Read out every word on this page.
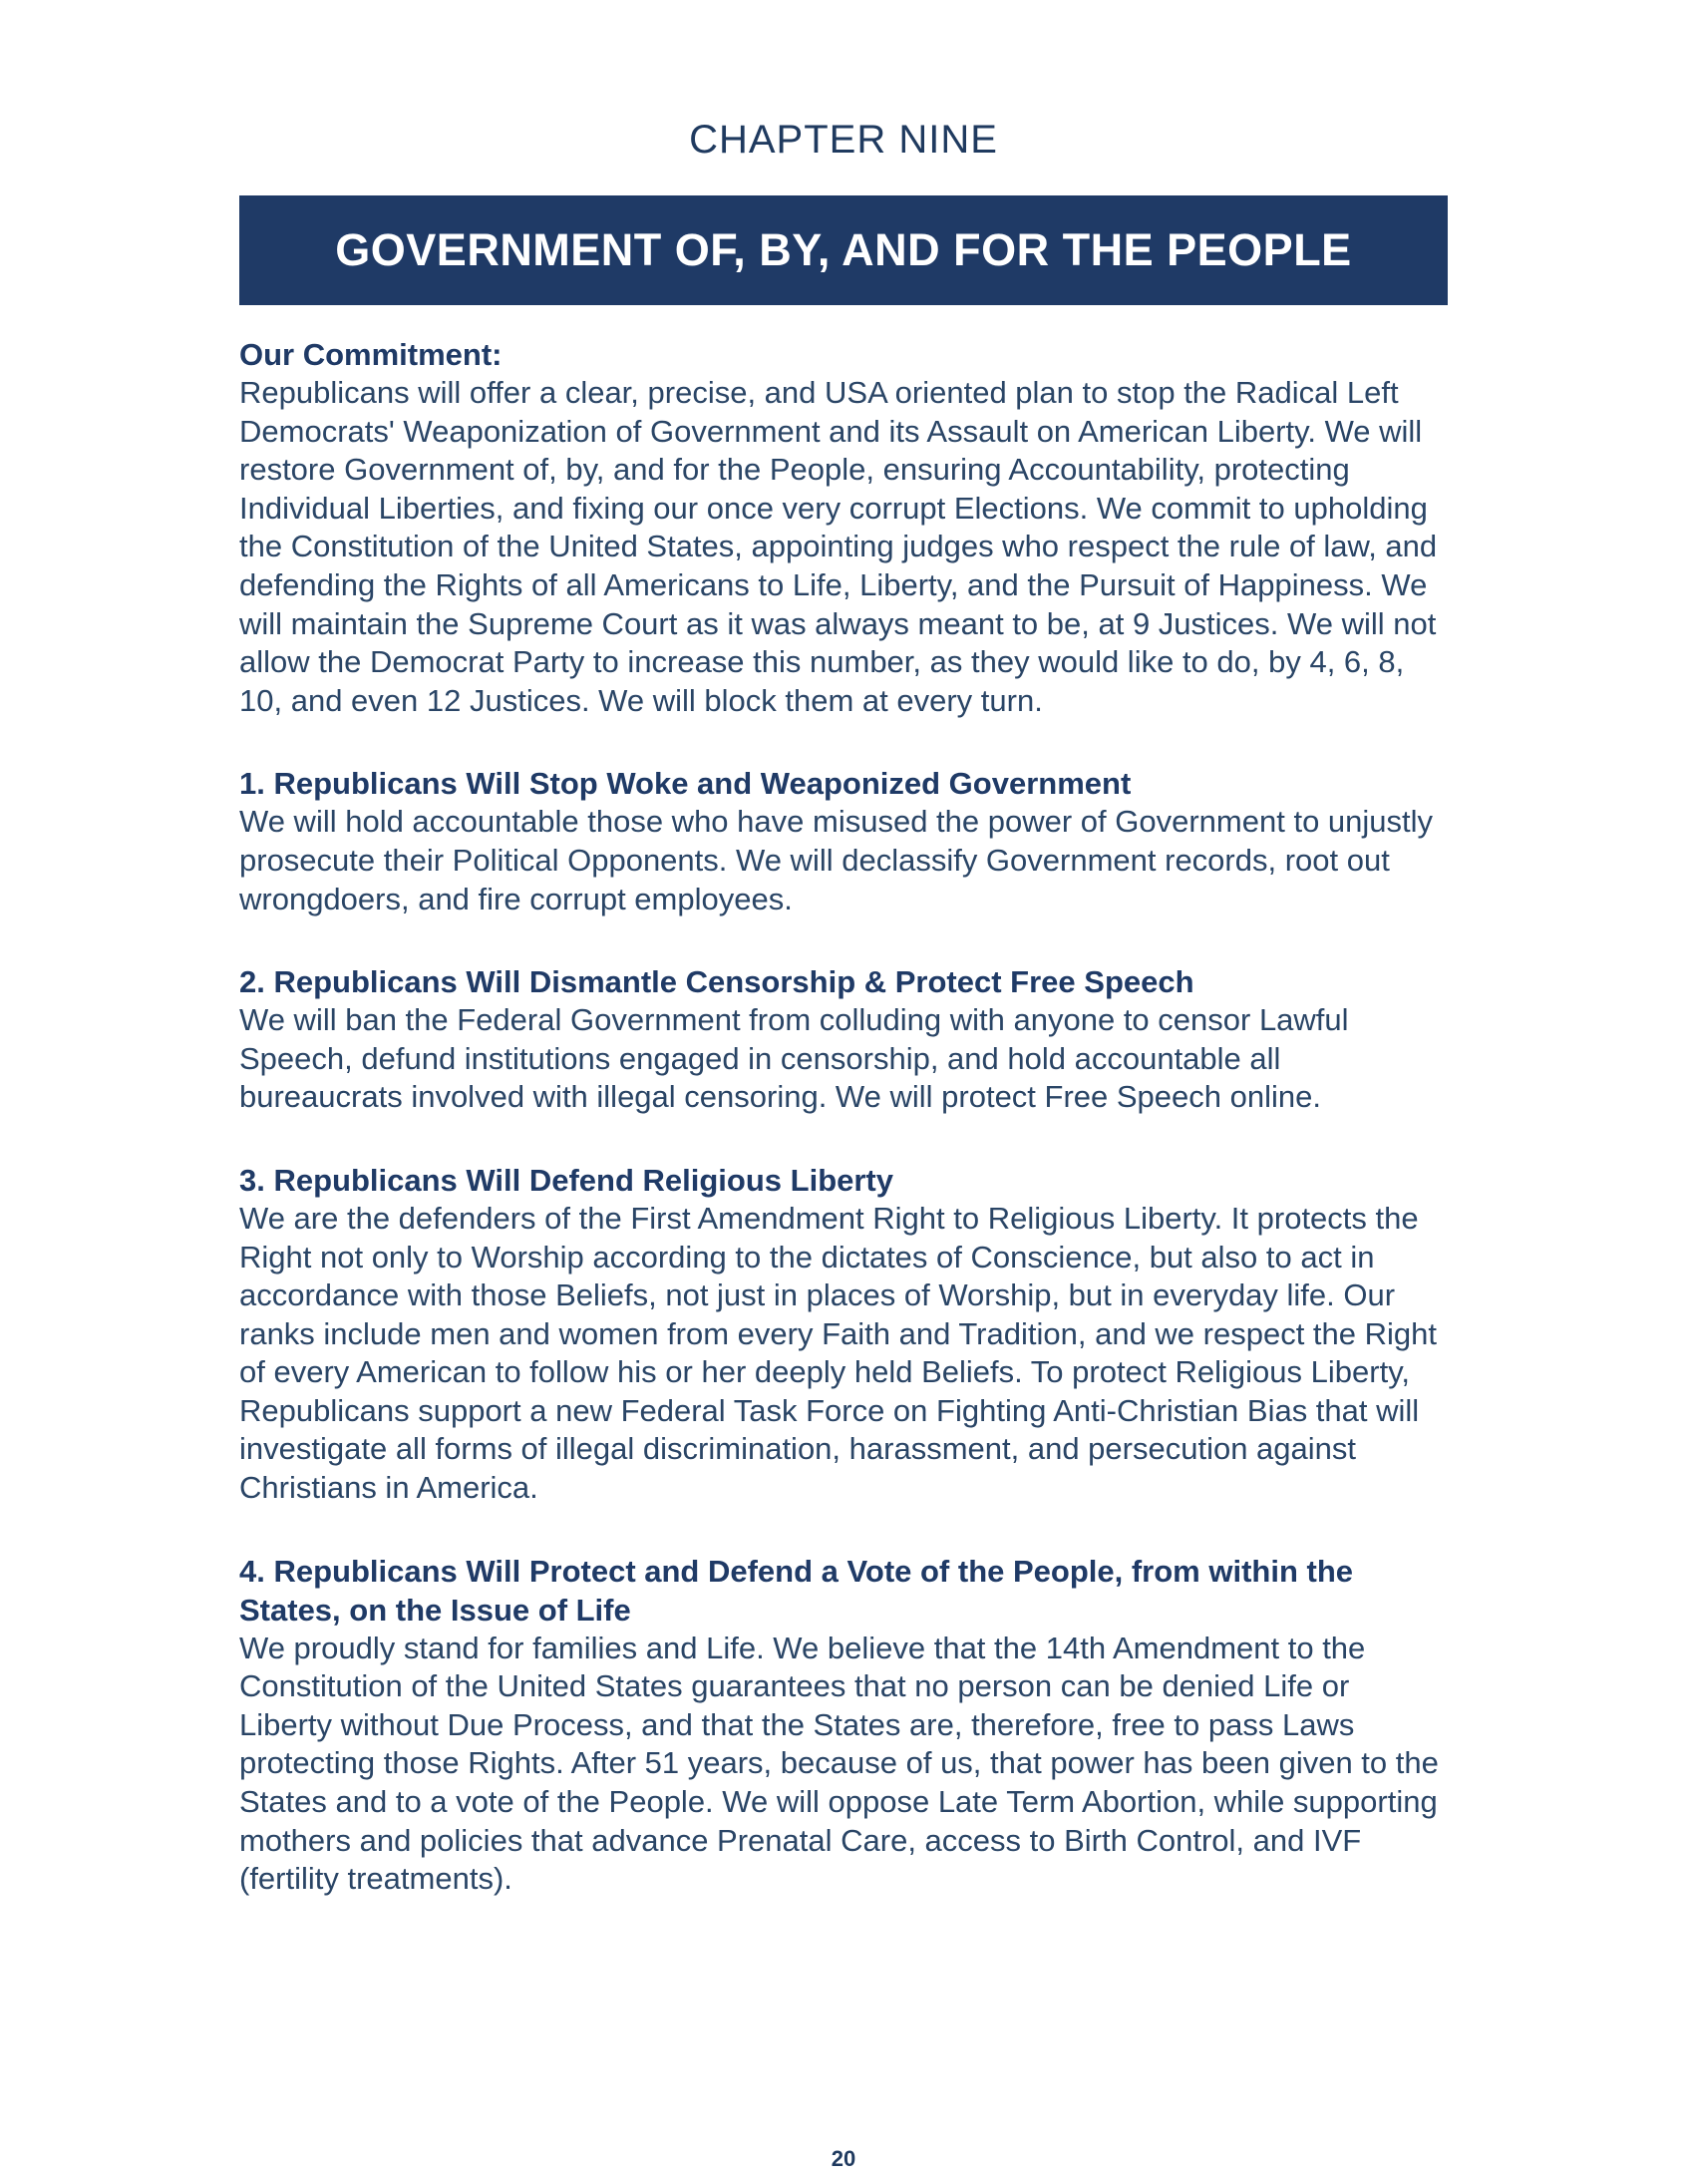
CHAPTER NINE
GOVERNMENT OF, BY, AND FOR THE PEOPLE

Our Commitment:

Republicans will offer a clear, precise, and USA oriented plan to stop the Radical Left Democrats' Weaponization of Government and its Assault on American Liberty. We will restore Government of, by, and for the People, ensuring Accountability, protecting Individual Liberties, and fixing our once very corrupt Elections. We commit to upholding the Constitution of the United States, appointing judges who respect the rule of law, and defending the Rights of all Americans to Life, Liberty, and the Pursuit of Happiness. We will maintain the Supreme Court as it was always meant to be, at 9 Justices. We will not allow the Democrat Party to increase this number, as they would like to do, by 4, 6, 8, 10, and even 12 Justices. We will block them at every turn.

1. Republicans Will Stop Woke and Weaponized Government

We will hold accountable those who have misused the power of Government to unjustly prosecute their Political Opponents. We will declassify Government records, root out wrongdoers, and fire corrupt employees.

2. Republicans Will Dismantle Censorship & Protect Free Speech

We will ban the Federal Government from colluding with anyone to censor Lawful Speech, defund institutions engaged in censorship, and hold accountable all bureaucrats involved with illegal censoring. We will protect Free Speech online.

3. Republicans Will Defend Religious Liberty

We are the defenders of the First Amendment Right to Religious Liberty. It protects the Right not only to Worship according to the dictates of Conscience, but also to act in accordance with those Beliefs, not just in places of Worship, but in everyday life. Our ranks include men and women from every Faith and Tradition, and we respect the Right of every American to follow his or her deeply held Beliefs. To protect Religious Liberty, Republicans support a new Federal Task Force on Fighting Anti-Christian Bias that will investigate all forms of illegal discrimination, harassment, and persecution against Christians in America.

4. Republicans Will Protect and Defend a Vote of the People, from within the States, on the Issue of Life

We proudly stand for families and Life. We believe that the 14th Amendment to the Constitution of the United States guarantees that no person can be denied Life or Liberty without Due Process, and that the States are, therefore, free to pass Laws protecting those Rights. After 51 years, because of us, that power has been given to the States and to a vote of the People. We will oppose Late Term Abortion, while supporting mothers and policies that advance Prenatal Care, access to Birth Control, and IVF (fertility treatments).

20
